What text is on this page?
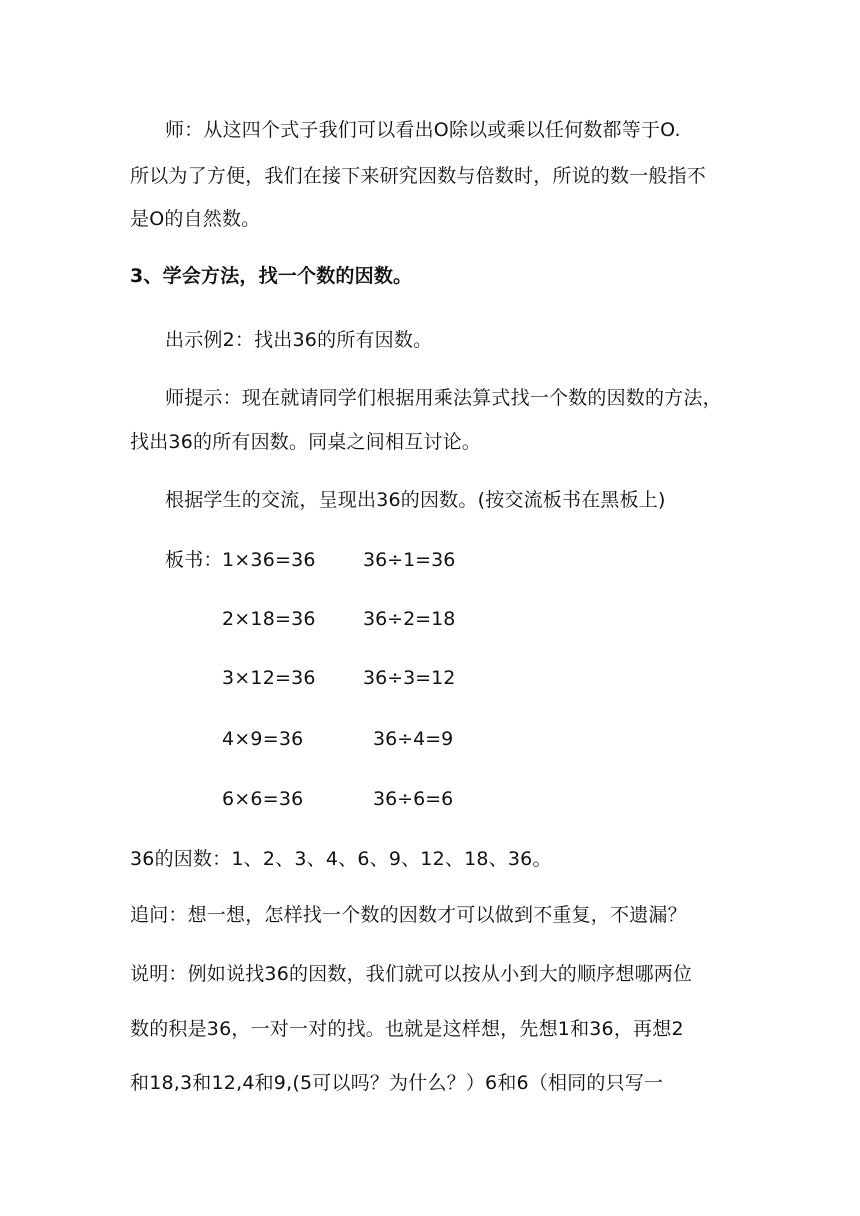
师：从这四个式子我们可以看出O除以或乘以任何数都等于O.
所以为了方便，我们在接下来研究因数与倍数时，所说的数一般指不
是O的自然数。
3、学会方法，找一个数的因数。
出示例2：找出36的所有因数。
师提示：现在就请同学们根据用乘法算式找一个数的因数的方法，
找出36的所有因数。同桌之间相互讨论。
根据学生的交流，呈现出36的因数。(按交流板书在黑板上)
板书： 1×36=36 36÷1=36
2×18=36 36÷2=18
3×12=36 36÷3=12
4×9=36	36÷4=9
6×6=36	36÷6=6
36的因数：1、2、3、4、6、9、12、18、36。
追问：想一想，怎样找一个数的因数才可以做到不重复，不遗漏？
说明：例如说找36的因数，我们就可以按从小到大的顺序想哪两位
数的积是36，一对一对的找。也就是这样想，先想1和36，再想2
和18,3和12,4和9,(5可以吗？为什么？）6和6（相同的只写一
